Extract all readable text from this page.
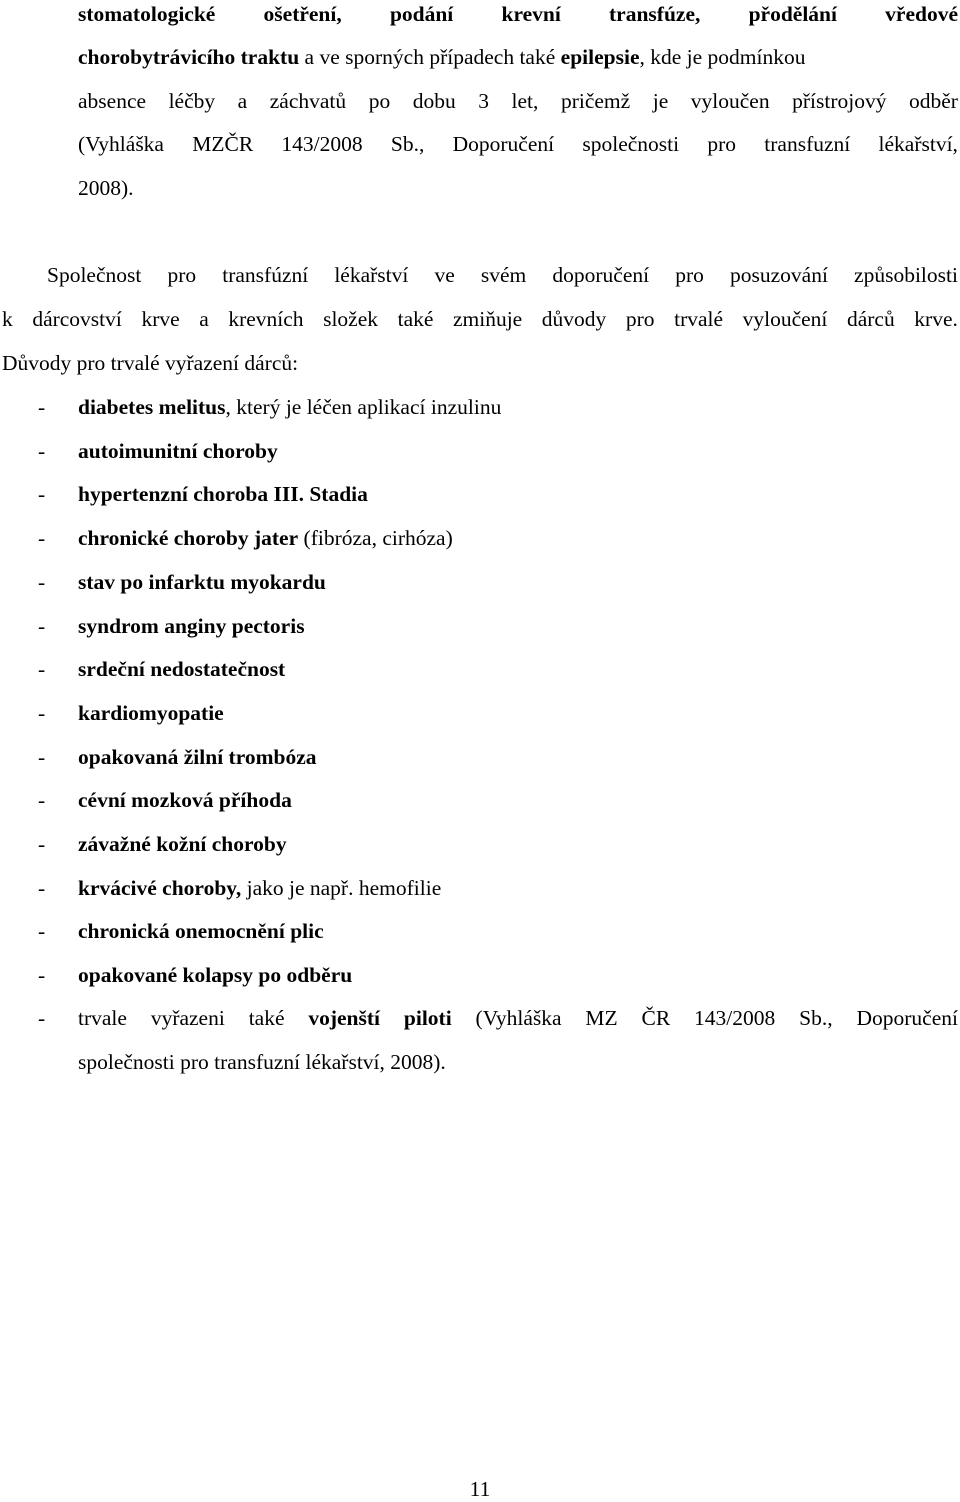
stomatologické ošetření, podání krevní transfúze, přodělání vředové
chorobytrávicího traktu a ve sporných případech také epilepsie, kde je podmínkou
absence léčby a záchvatů po dobu 3 let, pričemž je vyloučen přístrojový odběr
(Vyhláška MZČR 143/2008 Sb., Doporučení společnosti pro transfuzní lékařství,
2008).
Společnost pro transfúzní lékařství ve svém doporučení pro posuzování způsobilosti
k dárcovství krve a krevních složek také zmiňuje důvody pro trvalé vyloučení dárců krve.
Důvody pro trvalé vyřazení dárců:
- diabetes melitus, který je léčen aplikací inzulinu
- autoimunitní choroby
- hypertenzní choroba III. Stadia
- chronické choroby jater (fibróza, cirhóza)
- stav po infarktu myokardu
- syndrom anginy pectoris
- srdeční nedostatečnost
- kardiomyopatie
- opakovaná žilní trombóza
- cévní mozková příhoda
- závažné kožní choroby
- krvácivé choroby, jako je např. hemofilie
- chronická onemocnění plic
- opakované kolapsy po odběru
- trvale vyřazeni také vojenští piloti (Vyhláška MZ ČR 143/2008 Sb., Doporučení
společnosti pro transfuzní lékařství, 2008).
11
